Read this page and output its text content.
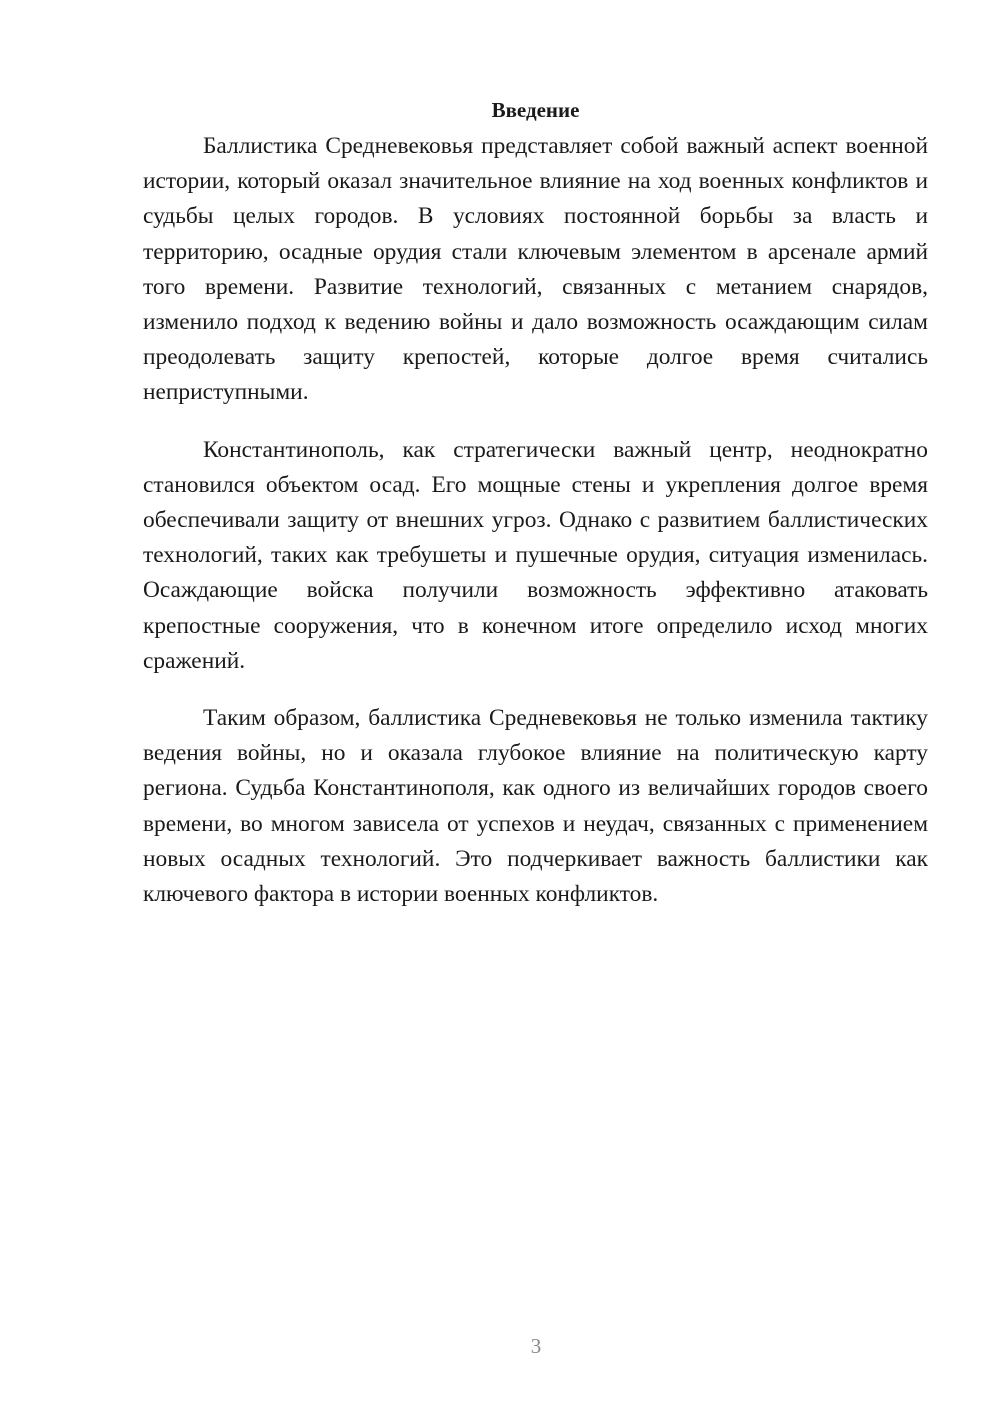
Введение

Баллистика Средневековья представляет собой важный аспект военной истории, который оказал значительное влияние на ход военных конфликтов и судьбы целых городов. В условиях постоянной борьбы за власть и территорию, осадные орудия стали ключевым элементом в арсенале армий того времени. Развитие технологий, связанных с метанием снарядов, изменило подход к ведению войны и дало возможность осаждающим силам преодолевать защиту крепостей, которые долгое время считались неприступными.

Константинополь, как стратегически важный центр, неоднократно становился объектом осад. Его мощные стены и укрепления долгое время обеспечивали защиту от внешних угроз. Однако с развитием баллистических технологий, таких как требушеты и пушечные орудия, ситуация изменилась. Осаждающие войска получили возможность эффективно атаковать крепостные сооружения, что в конечном итоге определило исход многих сражений.

Таким образом, баллистика Средневековья не только изменила тактику ведения войны, но и оказала глубокое влияние на политическую карту региона. Судьба Константинополя, как одного из величайших городов своего времени, во многом зависела от успехов и неудач, связанных с применением новых осадных технологий. Это подчеркивает важность баллистики как ключевого фактора в истории военных конфликтов.

3
